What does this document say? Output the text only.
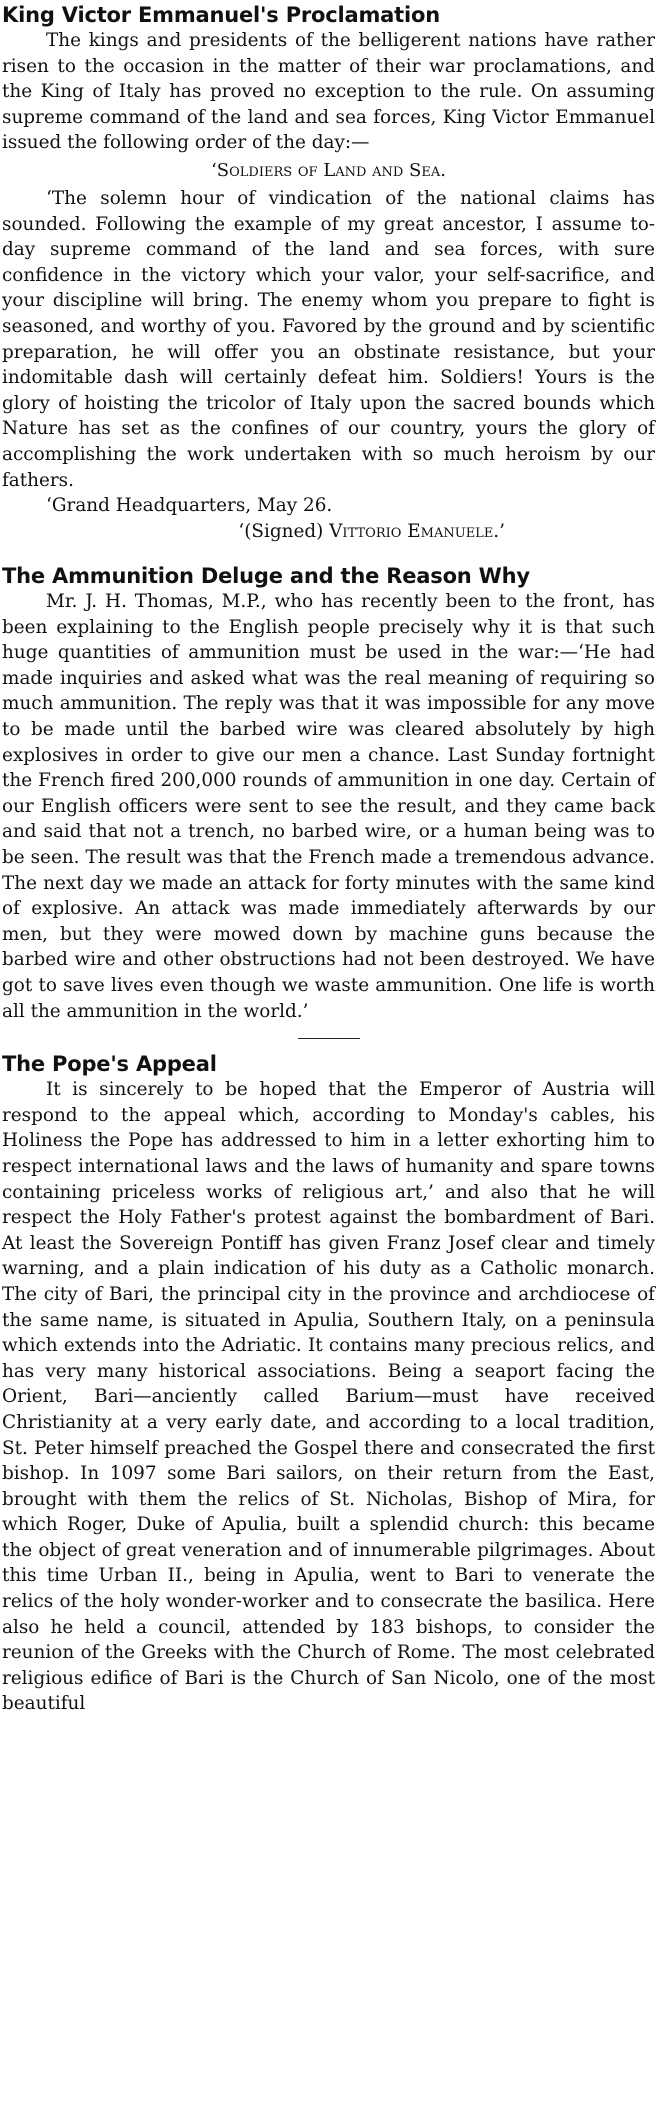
King Victor Emmanuel's Proclamation

The kings and presidents of the belligerent nations have rather risen to the occasion in the matter of their war proclamations, and the King of Italy has proved no exception to the rule. On assuming supreme command of the land and sea forces, King Victor Emmanuel issued the following order of the day:—

‘Soldiers of Land and Sea.

‘The solemn hour of vindication of the national claims has sounded. Following the example of my great ancestor, I assume to-day supreme command of the land and sea forces, with sure confidence in the victory which your valor, your self-sacrifice, and your discipline will bring. The enemy whom you prepare to fight is seasoned, and worthy of you. Favored by the ground and by scientific preparation, he will offer you an obstinate resistance, but your indomitable dash will certainly defeat him. Soldiers! Yours is the glory of hoisting the tricolor of Italy upon the sacred bounds which Nature has set as the confines of our country, yours the glory of accomplishing the work undertaken with so much heroism by our fathers.

‘Grand Headquarters, May 26.
‘(Signed) Vittorio Emanuele.’
The Ammunition Deluge and the Reason Why

Mr. J. H. Thomas, M.P., who has recently been to the front, has been explaining to the English people precisely why it is that such huge quantities of ammunition must be used in the war:—‘He had made inquiries and asked what was the real meaning of requiring so much ammunition. The reply was that it was impossible for any move to be made until the barbed wire was cleared absolutely by high explosives in order to give our men a chance. Last Sunday fortnight the French fired 200,000 rounds of ammunition in one day. Certain of our English officers were sent to see the result, and they came back and said that not a trench, no barbed wire, or a human being was to be seen. The result was that the French made a tremendous advance. The next day we made an attack for forty minutes with the same kind of explosive. An attack was made immediately afterwards by our men, but they were mowed down by machine guns because the barbed wire and other obstructions had not been destroyed. We have got to save lives even though we waste ammunition. One life is worth all the ammunition in the world.’

The Pope's Appeal

It is sincerely to be hoped that the Emperor of Austria will respond to the appeal which, according to Monday's cables, his Holiness the Pope has addressed to him in a letter exhorting him to respect international laws and the laws of humanity and spare towns containing priceless works of religious art,’ and also that he will respect the Holy Father's protest against the bombardment of Bari. At least the Sovereign Pontiff has given Franz Josef clear and timely warning, and a plain indication of his duty as a Catholic monarch. The city of Bari, the principal city in the province and archdiocese of the same name, is situated in Apulia, Southern Italy, on a peninsula which extends into the Adriatic. It contains many precious relics, and has very many historical associations. Being a seaport facing the Orient, Bari—anciently called Barium—must have received Christianity at a very early date, and according to a local tradition, St. Peter himself preached the Gospel there and consecrated the first bishop. In 1097 some Bari sailors, on their return from the East, brought with them the relics of St. Nicholas, Bishop of Mira, for which Roger, Duke of Apulia, built a splendid church: this became the object of great veneration and of innumerable pilgrimages. About this time Urban II., being in Apulia, went to Bari to venerate the relics of the holy wonder-worker and to consecrate the basilica. Here also he held a council, attended by 183 bishops, to consider the reunion of the Greeks with the Church of Rome. The most celebrated religious edifice of Bari is the Church of San Nicolo, one of the most beautiful
